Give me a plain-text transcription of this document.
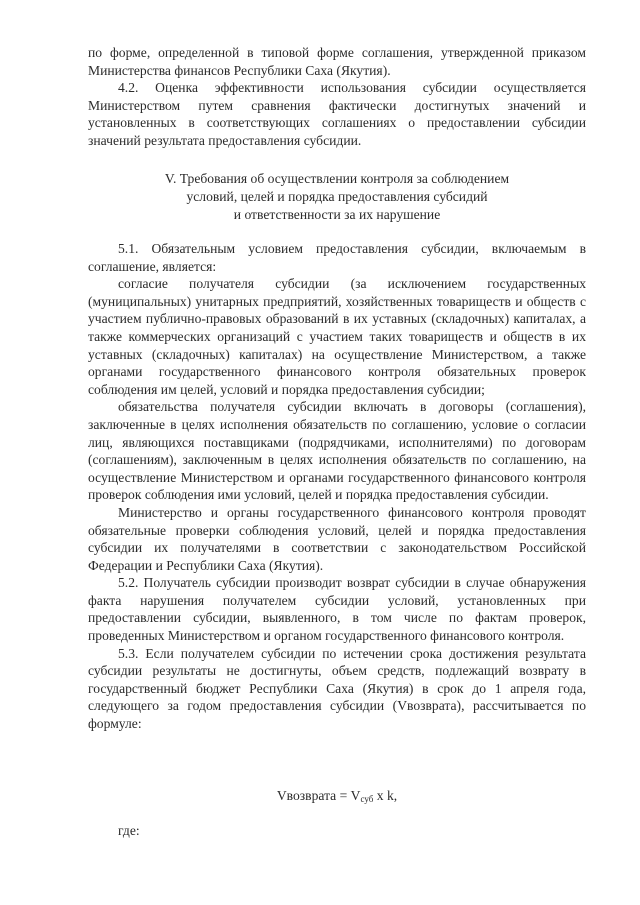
по форме, определенной в типовой форме соглашения, утвержденной приказом Министерства финансов Республики Саха (Якутия).

4.2. Оценка эффективности использования субсидии осуществляется Министерством путем сравнения фактически достигнутых значений и установленных в соответствующих соглашениях о предоставлении субсидии значений результата предоставления субсидии.

V. Требования об осуществлении контроля за соблюдением
условий, целей и порядка предоставления субсидий
и ответственности за их нарушение

5.1. Обязательным условием предоставления субсидии, включаемым в соглашение, является:

согласие получателя субсидии (за исключением государственных (муниципальных) унитарных предприятий, хозяйственных товариществ и обществ с участием публично-правовых образований в их уставных (складочных) капиталах, а также коммерческих организаций с участием таких товариществ и обществ в их уставных (складочных) капиталах) на осуществление Министерством, а также органами государственного финансового контроля обязательных проверок соблюдения им целей, условий и порядка предоставления субсидии;

обязательства получателя субсидии включать в договоры (соглашения), заключенные в целях исполнения обязательств по соглашению, условие о согласии лиц, являющихся поставщиками (подрядчиками, исполнителями) по договорам (соглашениям), заключенным в целях исполнения обязательств по соглашению, на осуществление Министерством и органами государственного финансового контроля проверок соблюдения ими условий, целей и порядка предоставления субсидии.

Министерство и органы государственного финансового контроля проводят обязательные проверки соблюдения условий, целей и порядка предоставления субсидии их получателями в соответствии с законодательством Российской Федерации и Республики Саха (Якутия).

5.2. Получатель субсидии производит возврат субсидии в случае обнаружения факта нарушения получателем субсидии условий, установленных при предоставлении субсидии, выявленного, в том числе по фактам проверок, проведенных Министерством и органом государственного финансового контроля.

5.3. Если получателем субсидии по истечении срока достижения результата субсидии результаты не достигнуты, объем средств, подлежащий возврату в государственный бюджет Республики Саха (Якутия) в срок до 1 апреля года, следующего за годом предоставления субсидии (Vвозврата), рассчитывается по формуле:

Vвозврата = $V_{суб}$ x k,
где:
